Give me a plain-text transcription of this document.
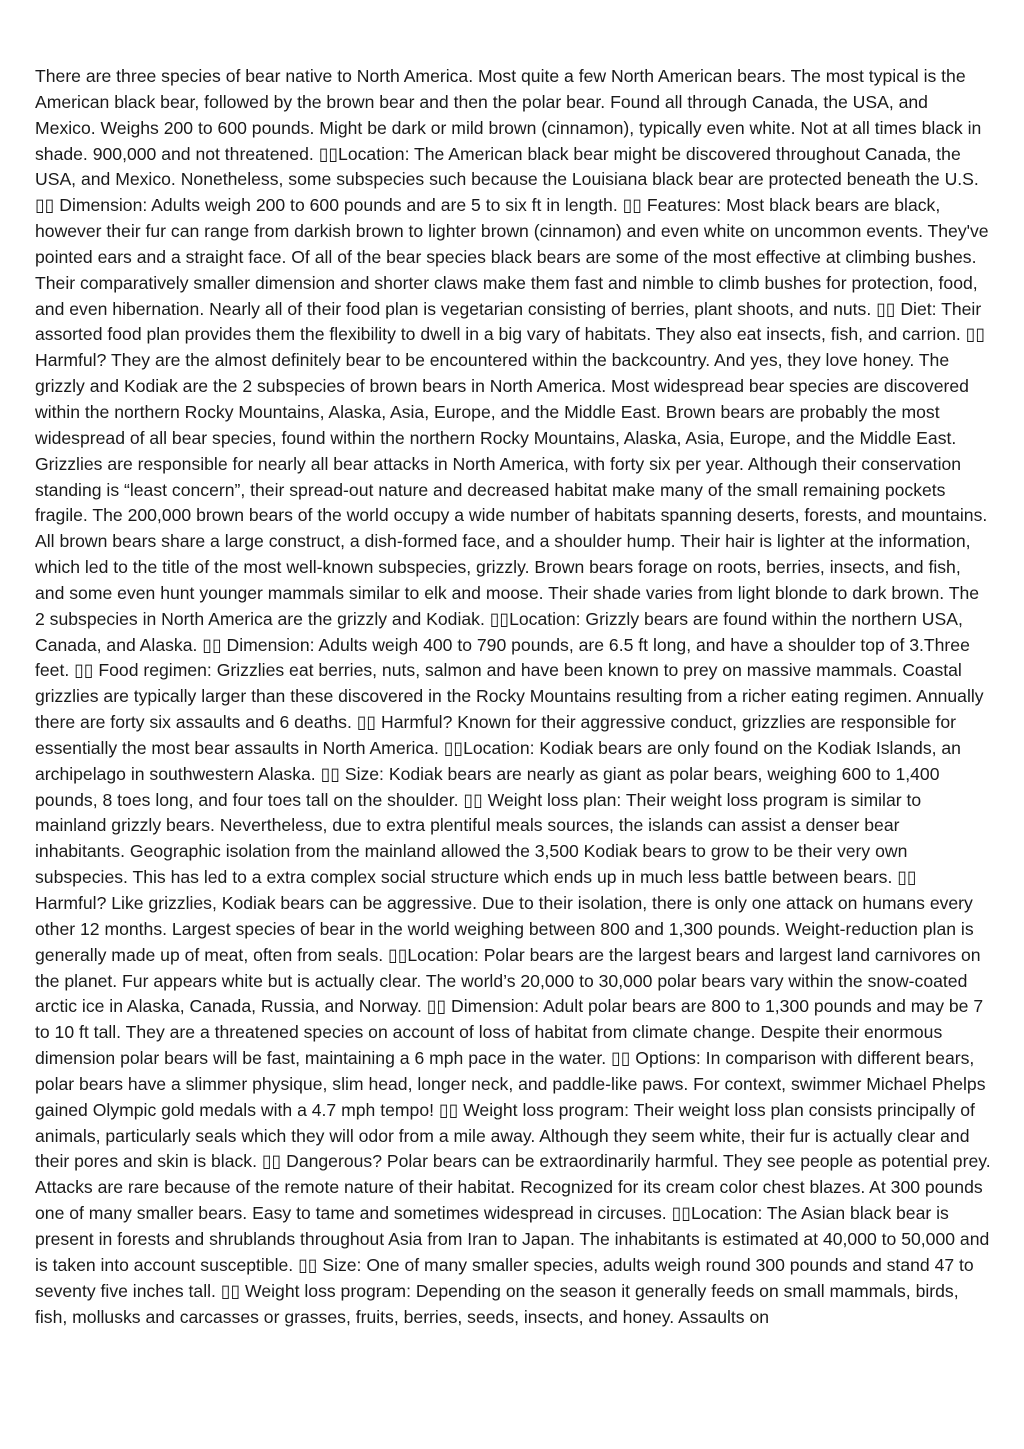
There are three species of bear native to North America. Most quite a few North American bears. The most typical is the American black bear, followed by the brown bear and then the polar bear. Found all through Canada, the USA, and Mexico. Weighs 200 to 600 pounds. Might be dark or mild brown (cinnamon), typically even white. Not at all times black in shade. 900,000 and not threatened. ▯▯Location: The American black bear might be discovered throughout Canada, the USA, and Mexico. Nonetheless, some subspecies such because the Louisiana black bear are protected beneath the U.S. ▯▯ Dimension: Adults weigh 200 to 600 pounds and are 5 to six ft in length. ▯▯ Features: Most black bears are black, however their fur can range from darkish brown to lighter brown (cinnamon) and even white on uncommon events. They've pointed ears and a straight face. Of all of the bear species black bears are some of the most effective at climbing bushes. Their comparatively smaller dimension and shorter claws make them fast and nimble to climb bushes for protection, food, and even hibernation. Nearly all of their food plan is vegetarian consisting of berries, plant shoots, and nuts. ▯▯ Diet: Their assorted food plan provides them the flexibility to dwell in a big vary of habitats. They also eat insects, fish, and carrion. ▯▯ Harmful? They are the almost definitely bear to be encountered within the backcountry. And yes, they love honey. The grizzly and Kodiak are the 2 subspecies of brown bears in North America. Most widespread bear species are discovered within the northern Rocky Mountains, Alaska, Asia, Europe, and the Middle East. Brown bears are probably the most widespread of all bear species, found within the northern Rocky Mountains, Alaska, Asia, Europe, and the Middle East. Grizzlies are responsible for nearly all bear attacks in North America, with forty six per year. Although their conservation standing is “least concern”, their spread-out nature and decreased habitat make many of the small remaining pockets fragile. The 200,000 brown bears of the world occupy a wide number of habitats spanning deserts, forests, and mountains. All brown bears share a large construct, a dish-formed face, and a shoulder hump. Their hair is lighter at the information, which led to the title of the most well-known subspecies, grizzly. Brown bears forage on roots, berries, insects, and fish, and some even hunt younger mammals similar to elk and moose. Their shade varies from light blonde to dark brown. The 2 subspecies in North America are the grizzly and Kodiak. ▯▯Location: Grizzly bears are found within the northern USA, Canada, and Alaska. ▯▯ Dimension: Adults weigh 400 to 790 pounds, are 6.5 ft long, and have a shoulder top of 3.Three feet. ▯▯ Food regimen: Grizzlies eat berries, nuts, salmon and have been known to prey on massive mammals. Coastal grizzlies are typically larger than these discovered in the Rocky Mountains resulting from a richer eating regimen. Annually there are forty six assaults and 6 deaths. ▯▯ Harmful? Known for their aggressive conduct, grizzlies are responsible for essentially the most bear assaults in North America. ▯▯Location: Kodiak bears are only found on the Kodiak Islands, an archipelago in southwestern Alaska. ▯▯ Size: Kodiak bears are nearly as giant as polar bears, weighing 600 to 1,400 pounds, 8 toes long, and four toes tall on the shoulder. ▯▯ Weight loss plan: Their weight loss program is similar to mainland grizzly bears. Nevertheless, due to extra plentiful meals sources, the islands can assist a denser bear inhabitants. Geographic isolation from the mainland allowed the 3,500 Kodiak bears to grow to be their very own subspecies. This has led to a extra complex social structure which ends up in much less battle between bears. ▯▯ Harmful? Like grizzlies, Kodiak bears can be aggressive. Due to their isolation, there is only one attack on humans every other 12 months. Largest species of bear in the world weighing between 800 and 1,300 pounds. Weight-reduction plan is generally made up of meat, often from seals. ▯▯Location: Polar bears are the largest bears and largest land carnivores on the planet. Fur appears white but is actually clear. The world’s 20,000 to 30,000 polar bears vary within the snow-coated arctic ice in Alaska, Canada, Russia, and Norway. ▯▯ Dimension: Adult polar bears are 800 to 1,300 pounds and may be 7 to 10 ft tall. They are a threatened species on account of loss of habitat from climate change. Despite their enormous dimension polar bears will be fast, maintaining a 6 mph pace in the water. ▯▯ Options: In comparison with different bears, polar bears have a slimmer physique, slim head, longer neck, and paddle-like paws. For context, swimmer Michael Phelps gained Olympic gold medals with a 4.7 mph tempo! ▯▯ Weight loss program: Their weight loss plan consists principally of animals, particularly seals which they will odor from a mile away. Although they seem white, their fur is actually clear and their pores and skin is black. ▯▯ Dangerous? Polar bears can be extraordinarily harmful. They see people as potential prey. Attacks are rare because of the remote nature of their habitat. Recognized for its cream color chest blazes. At 300 pounds one of many smaller bears. Easy to tame and sometimes widespread in circuses. ▯▯Location: The Asian black bear is present in forests and shrublands throughout Asia from Iran to Japan. The inhabitants is estimated at 40,000 to 50,000 and is taken into account susceptible. ▯▯ Size: One of many smaller species, adults weigh round 300 pounds and stand 47 to seventy five inches tall. ▯▯ Weight loss program: Depending on the season it generally feeds on small mammals, birds, fish, mollusks and carcasses or grasses, fruits, berries, seeds, insects, and honey. Assaults on
